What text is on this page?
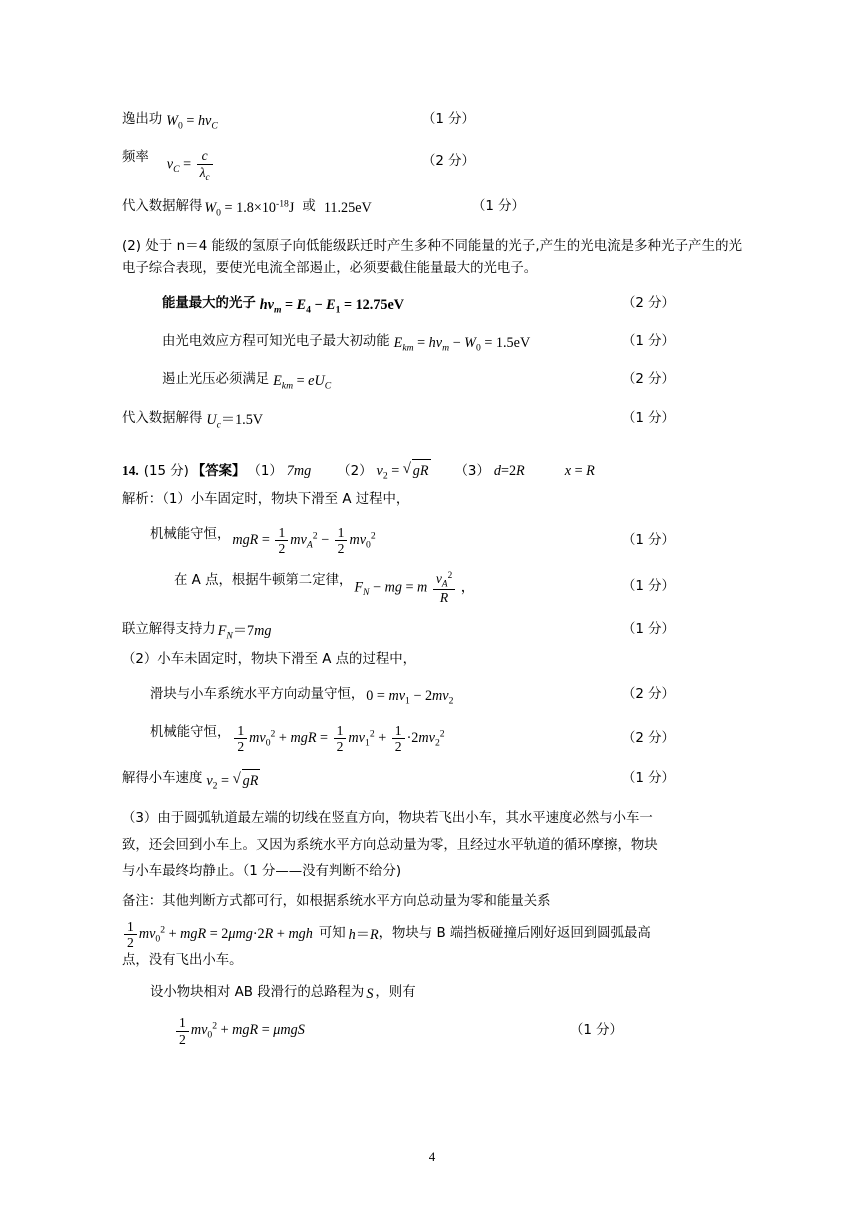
逸出功 $W_0 = h\nu_C$	（1 分）
频率 $\nu_C = \frac{c}{\lambda_c}$	（2 分）
代入数据解得 $W_0 = 1.8\times 10^{-18}J$ 或 11.25eV	（1 分）
(2) 处于 n＝4 能级的氢原子向低能级跃迁时产生多种不同能量的光子,产生的光电流是多种光子产生的光电子综合表现，要使光电流全部遏止，必须要截住能量最大的光电子。
能量最大的光子 $h\nu_m = E_4 - E_1 = 12.75eV$	（2 分）
由光电效应方程可知光电子最大初动能 $E_{km} = h\nu_m - W_0 = 1.5eV$	（1 分）
遏止光压必须满足 $E_{km} = eU_C$	（2 分）
代入数据解得 $U_c=1.5V$	（1 分）
14. (15 分) 【答案】 （1） 7mg （2） $v_2$ = √ gR （3） d=2R	x = R
解析：（1）小车固定时，物块下滑至 A 过程中，
机械能守恒， mgR = $\frac{1}{2} mv_A^2 - \frac{1}{2} mv_0^2$	（1 分）
在 A 点，根据牛顿第二定律， $F_N$ − mg = m $\frac{v_A^2}{R}$ ，	（1 分）
联立解得支持力 $F_N=7mg$	（1 分）
（2）小车未固定时，物块下滑至 A 点的过程中，
滑块与小车系统水平方向动量守恒， $0 = mv_1 - 2mv_2$	（2 分）
机械能守恒， $\frac{1}{2} mv_0^2$ + mgR = $\frac{1}{2} mv_1^2 + \frac{1}{2} \cdot 2mv_2^2$	（2 分）
解得小车速度 $v_2$ = √ gR	（1 分）
（3）由于圆弧轨道最左端的切线在竖直方向，物块若飞出小车，其水平速度必然与小车一
致，还会回到小车上。又因为系统水平方向总动量为零，且经过水平轨道的循环摩擦，物块
与小车最终均静止。（1 分——没有判断不给分)
备注：其他判断方式都可行，如根据系统水平方向总动量为零和能量关系
$\frac{1}{2} mv_0^2$ + mgR = 2μmg·2R + mgh 可知 h＝R ，物块与 B 端挡板碰撞后刚好返回到圆弧最高
点，没有飞出小车。
设小物块相对 AB 段滑行的总路程为 S ，则有
$\frac{1}{2} mv_0^2$ + mgR = μmgS	（1 分）
4
